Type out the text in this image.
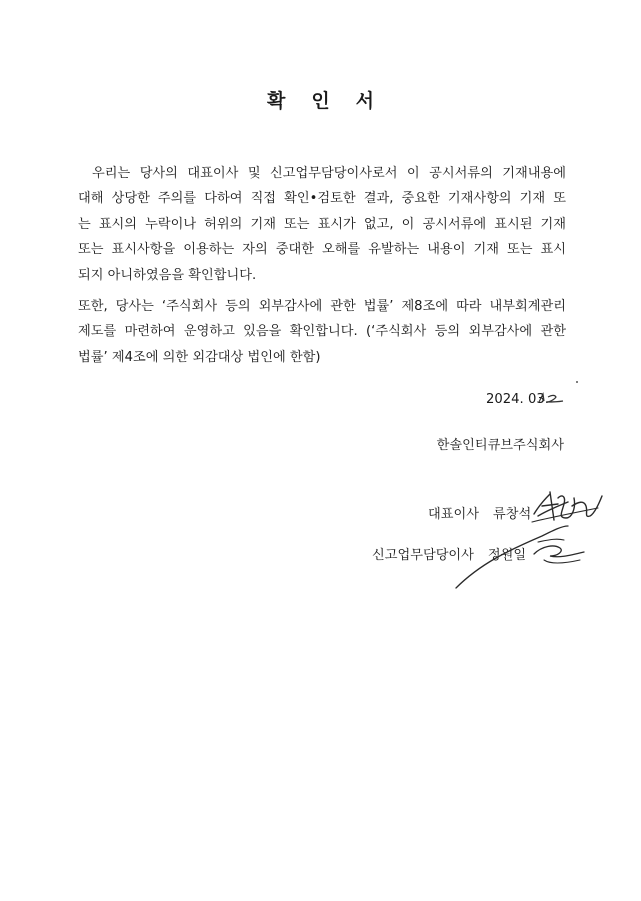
확 인 서
우리는 당사의 대표이사 및 신고업무담당이사로서 이 공시서류의 기재내용에
대해 상당한 주의를 다하여 직접 확인•검토한 결과, 중요한 기재사항의 기재 또
는 표시의 누락이나 허위의 기재 또는 표시가 없고, 이 공시서류에 표시된 기재
또는 표시사항을 이용하는 자의 중대한 오해를 유발하는 내용이 기재 또는 표시
되지 아니하였음을 확인합니다.
또한, 당사는 ‘주식회사 등의 외부감사에 관한 법률’ 제8조에 따라 내부회계관리
제도를 마련하여 운영하고 있음을 확인합니다. (‘주식회사 등의 외부감사에 관한
법률’ 제4조에 의한 외감대상 법인에 한함)
2024. 03.
한솔인티큐브주식회사
대표이사 류창석
신고업무담당이사 정원일
